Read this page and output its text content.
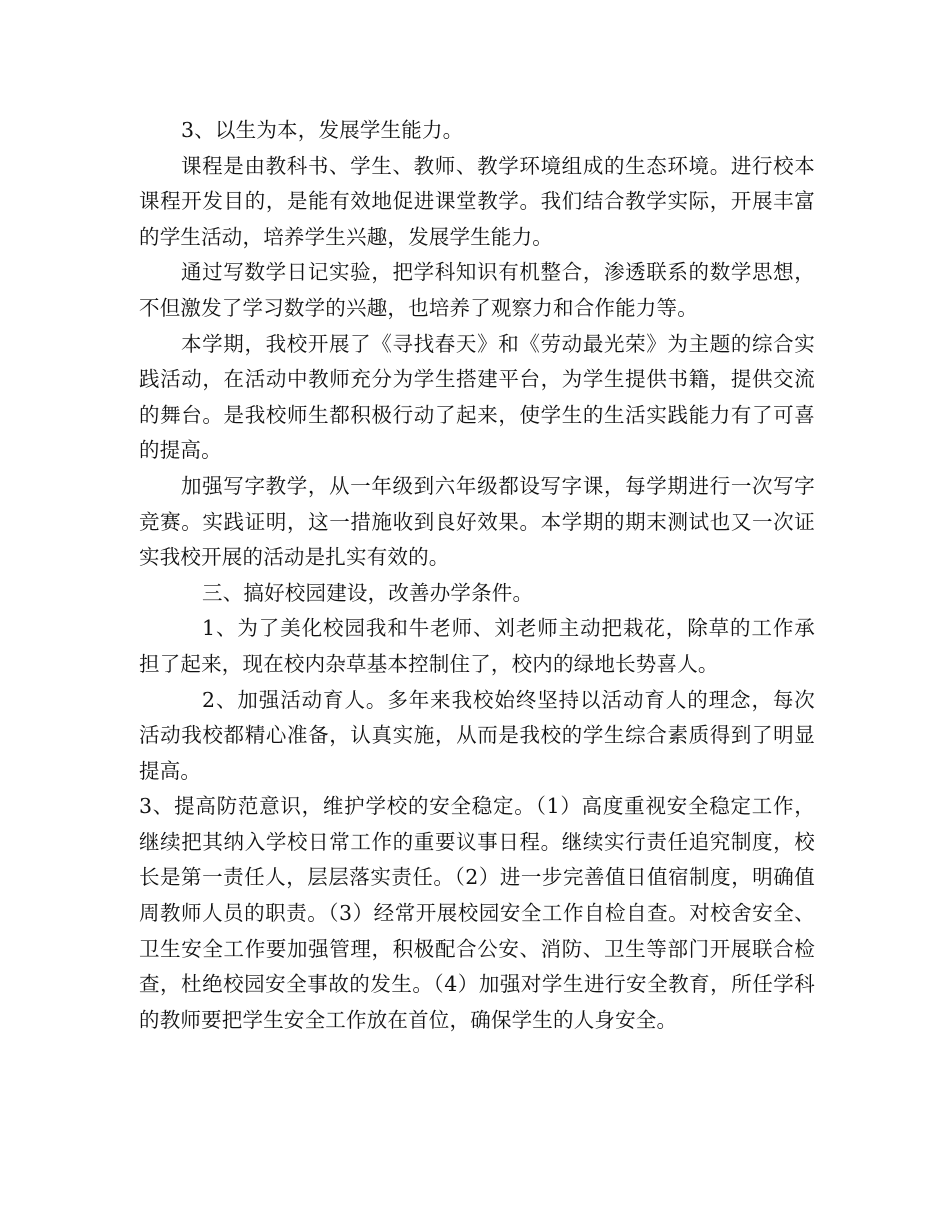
3、以生为本，发展学生能力。

课程是由教科书、学生、教师、教学环境组成的生态环境。进行校本课程开发目的，是能有效地促进课堂教学。我们结合教学实际，开展丰富的学生活动，培养学生兴趣，发展学生能力。

通过写数学日记实验，把学科知识有机整合，渗透联系的数学思想，不但激发了学习数学的兴趣，也培养了观察力和合作能力等。

本学期，我校开展了《寻找春天》和《劳动最光荣》为主题的综合实践活动，在活动中教师充分为学生搭建平台，为学生提供书籍，提供交流的舞台。是我校师生都积极行动了起来，使学生的生活实践能力有了可喜的提高。

加强写字教学，从一年级到六年级都设写字课，每学期进行一次写字竞赛。实践证明，这一措施收到良好效果。本学期的期末测试也又一次证实我校开展的活动是扎实有效的。

三、搞好校园建设，改善办学条件。

1、为了美化校园我和牛老师、刘老师主动把栽花，除草的工作承担了起来，现在校内杂草基本控制住了，校内的绿地长势喜人。

2、加强活动育人。多年来我校始终坚持以活动育人的理念，每次活动我校都精心准备，认真实施，从而是我校的学生综合素质得到了明显提高。

3、提高防范意识，维护学校的安全稳定。（1）高度重视安全稳定工作，继续把其纳入学校日常工作的重要议事日程。继续实行责任追究制度，校长是第一责任人，层层落实责任。（2）进一步完善值日值宿制度，明确值周教师人员的职责。（3）经常开展校园安全工作自检自查。对校舍安全、卫生安全工作要加强管理，积极配合公安、消防、卫生等部门开展联合检查，杜绝校园安全事故的发生。（4）加强对学生进行安全教育，所任学科的教师要把学生安全工作放在首位，确保学生的人身安全。
